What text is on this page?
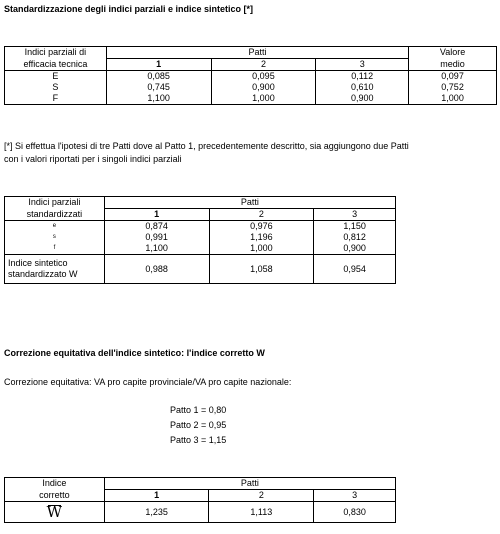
Standardizzazione degli indici parziali e indice sintetico [*]
Indici parziali di	Patti			Valore
efficacia tecnica	1	2	3	medio
E	0,085	0,095	0,112	0,097
S	0,745	0,900	0,610	0,752
F	1,100	1,000	0,900	1,000
[*] Si effettua l'ipotesi di tre Patti dove al Patto 1, precedentemente descritto, sia aggiungono due Patti
con i valori riportati per i singoli indici parziali
Indici parziali	Patti		
standardizzati	1	2	3
e	0,874	0,976	1,150
s	0,991	1,196	0,812
f	1,100	1,000	0,900

Indice sintetico
standardizzato W	0,988	1,058	0,954
Correzione equitativa dell'indice sintetico: l'indice corretto W
Correzione equitativa: VA pro capite provinciale/VA pro capite nazionale:
Patto 1 = 0,80
Patto 2 = 0,95
Patto 3 = 1,15
Indice	Patti		
corretto	1	2	3

W	1,235	1,113	0,830
